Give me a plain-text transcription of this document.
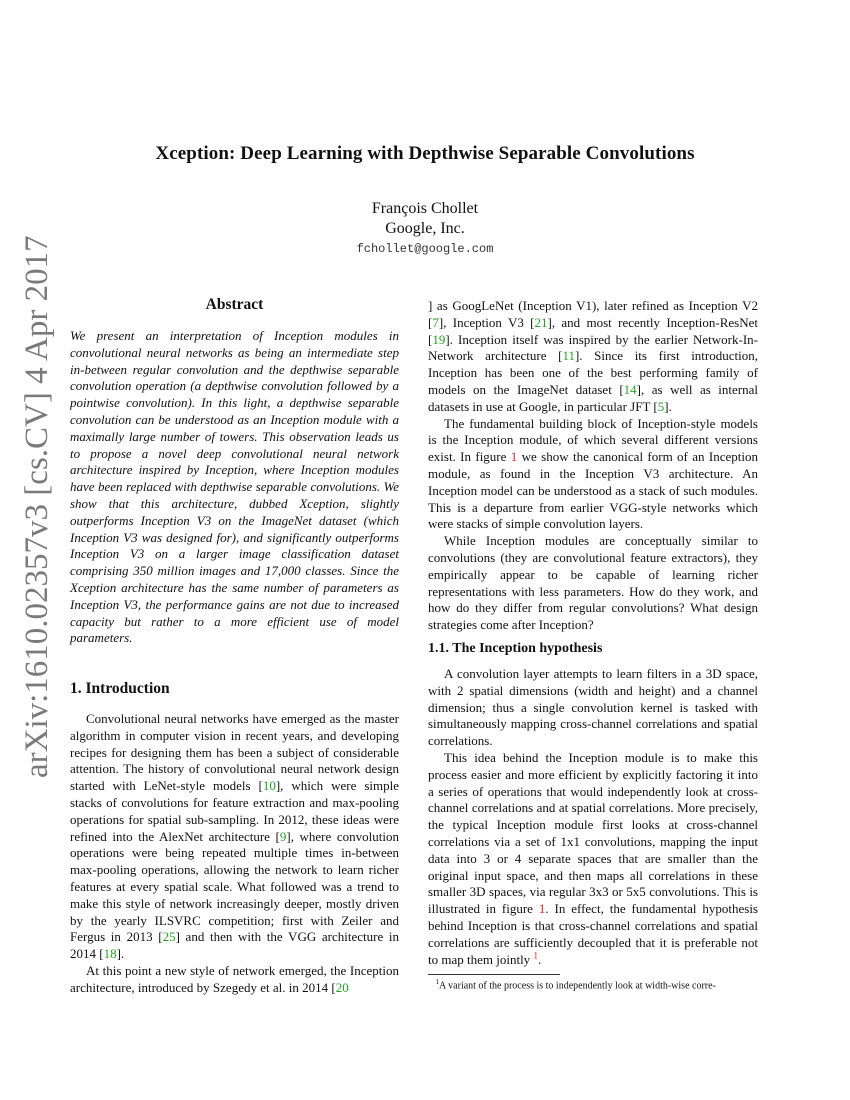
Xception: Deep Learning with Depthwise Separable Convolutions
François Chollet
Google, Inc.
fchollet@google.com
arXiv:1610.02357v3 [cs.CV] 4 Apr 2017	Abstract

We present an interpretation of Inception modules in convolutional neural networks as being an intermediate step in-between regular convolution and the depthwise separable convolution operation (a depthwise convolution followed by a pointwise convolution). In this light, a depthwise separable convolution can be understood as an Inception module with a maximally large number of towers. This observation leads us to propose a novel deep convolutional neural network architecture inspired by Inception, where Inception modules have been replaced with depthwise separable convolutions. We show that this architecture, dubbed Xception, slightly outperforms Inception V3 on the ImageNet dataset (which Inception V3 was designed for), and significantly outperforms Inception V3 on a larger image classification dataset comprising 350 million images and 17,000 classes. Since the Xception architecture has the same number of parameters as Inception V3, the performance gains are not due to increased capacity but rather to a more efficient use of model parameters.

1. Introduction

Convolutional neural networks have emerged as the master algorithm in computer vision in recent years, and developing recipes for designing them has been a subject of considerable attention. The history of convolutional neural network design started with LeNet-style models [10], which were simple stacks of convolutions for feature extraction and max-pooling operations for spatial sub-sampling. In 2012, these ideas were refined into the AlexNet architecture [9], where convolution operations were being repeated multiple times in-between max-pooling operations, allowing the network to learn richer features at every spatial scale. What followed was a trend to make this style of network increasingly deeper, mostly driven by the yearly ILSVRC competition; first with Zeiler and Fergus in 2013 [25] and then with the VGG architecture in 2014 [18].

At this point a new style of network emerged, the Inception architecture, introduced by Szegedy et al. in 2014 [20

] as GoogLeNet (Inception V1), later refined as Inception V2 [7], Inception V3 [21], and most recently Inception-ResNet [19]. Inception itself was inspired by the earlier Network-In-Network architecture [11]. Since its first introduction, Inception has been one of the best performing family of models on the ImageNet dataset [14], as well as internal datasets in use at Google, in particular JFT [5].

The fundamental building block of Inception-style models is the Inception module, of which several different versions exist. In figure 1 we show the canonical form of an Inception module, as found in the Inception V3 architecture. An Inception model can be understood as a stack of such modules. This is a departure from earlier VGG-style networks which were stacks of simple convolution layers.

While Inception modules are conceptually similar to convolutions (they are convolutional feature extractors), they empirically appear to be capable of learning richer representations with less parameters. How do they work, and how do they differ from regular convolutions? What design strategies come after Inception?

1.1. The Inception hypothesis

A convolution layer attempts to learn filters in a 3D space, with 2 spatial dimensions (width and height) and a channel dimension; thus a single convolution kernel is tasked with simultaneously mapping cross-channel correlations and spatial correlations.

This idea behind the Inception module is to make this process easier and more efficient by explicitly factoring it into a series of operations that would independently look at cross-channel correlations and at spatial correlations. More precisely, the typical Inception module first looks at cross-channel correlations via a set of 1x1 convolutions, mapping the input data into 3 or 4 separate spaces that are smaller than the original input space, and then maps all correlations in these smaller 3D spaces, via regular 3x3 or 5x5 convolutions. This is illustrated in figure 1. In effect, the fundamental hypothesis behind Inception is that cross-channel correlations and spatial correlations are sufficiently decoupled that it is preferable not to map them jointly $^1$.

$^1$A variant of the process is to independently look at width-wise corre-
